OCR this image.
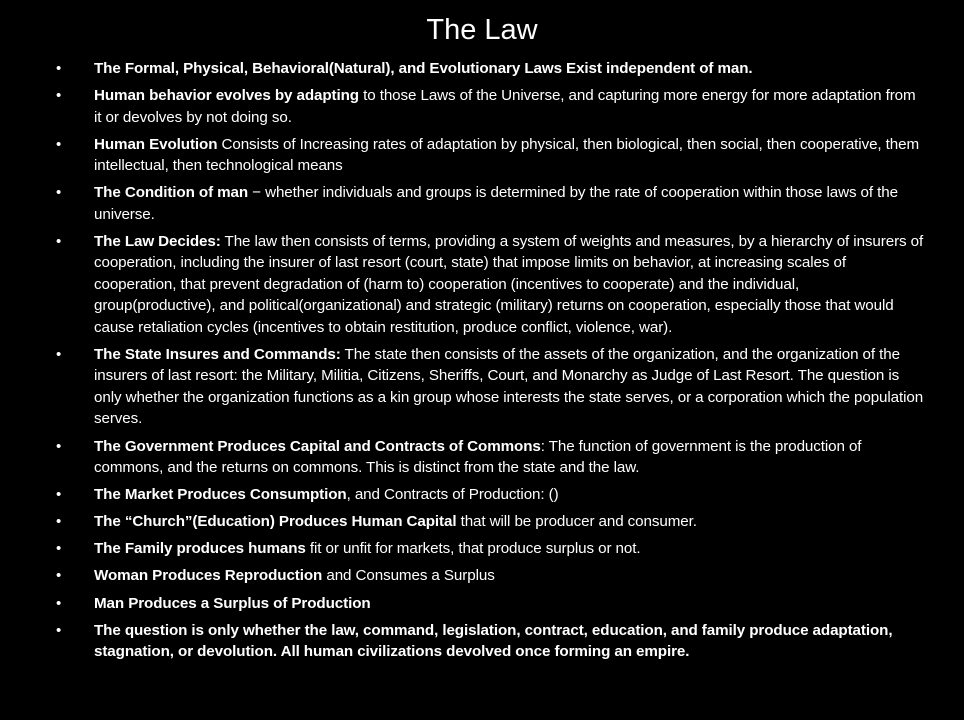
The Law
• The Formal, Physical, Behavioral(Natural), and Evolutionary Laws Exist independent of man.
• Human behavior evolves by adapting to those Laws of the Universe, and capturing more energy for more adaptation from it or devolves by not doing so.
• Human Evolution Consists of Increasing rates of adaptation by physical, then biological, then social, then cooperative, them intellectual, then technological means
• The Condition of man − whether individuals and groups is determined by the rate of cooperation within those laws of the universe.
• The Law Decides: The law then consists of terms, providing a system of weights and measures, by a hierarchy of insurers of cooperation, including the insurer of last resort (court, state) that impose limits on behavior, at increasing scales of cooperation, that prevent degradation of (harm to) cooperation (incentives to cooperate) and the individual, group(productive), and political(organizational) and strategic (military) returns on cooperation, especially those that would cause retaliation cycles (incentives to obtain restitution, produce conflict, violence, war).
• The State Insures and Commands: The state then consists of the assets of the organization, and the organization of the insurers of last resort: the Military, Militia, Citizens, Sheriffs, Court, and Monarchy as Judge of Last Resort. The question is only whether the organization functions as a kin group whose interests the state serves, or a corporation which the population serves.
• The Government Produces Capital and Contracts of Commons: The function of government is the production of commons, and the returns on commons. This is distinct from the state and the law.
• The Market Produces Consumption, and Contracts of Production: ()
• The “Church”(Education) Produces Human Capital that will be producer and consumer.
• The Family produces humans fit or unfit for markets, that produce surplus or not.
• Woman Produces Reproduction and Consumes a Surplus
• Man Produces a Surplus of Production
• The question is only whether the law, command, legislation, contract, education, and family produce adaptation, stagnation, or devolution. All human civilizations devolved once forming an empire.
